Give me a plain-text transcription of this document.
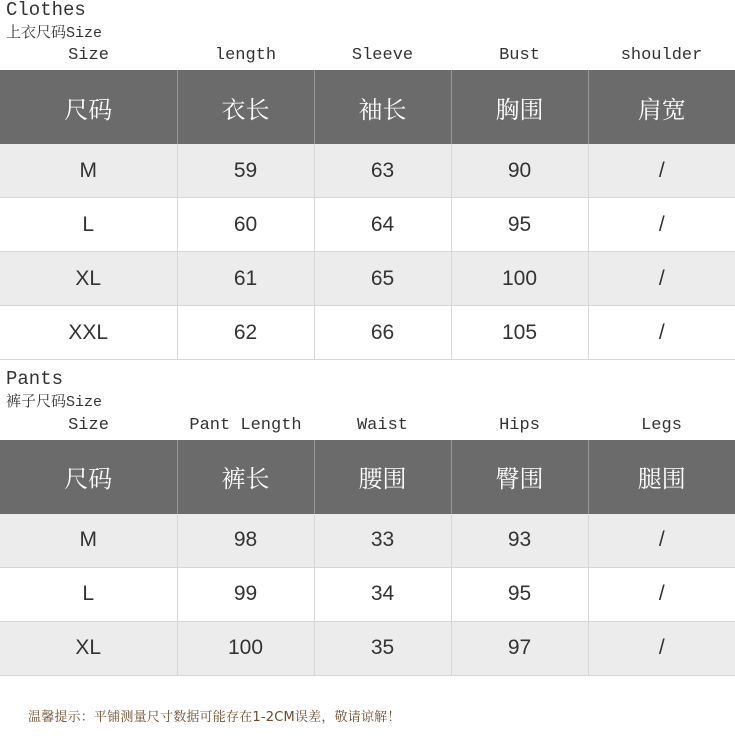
Clothes
上衣尺码Size
Size	length	Sleeve	Bust	shoulder
尺码	衣长	袖长	胸围	肩宽
M	59	63	90	/
L	60	64	95	/
XL	61	65	100	/
XXL	62	66	105	/
Pants
裤子尺码Size
Size	Pant Length	Waist	Hips	Legs
尺码	裤长	腰围	臀围	腿围
M	98	33	93	/
L	99	34	95	/
XL	100	35	97	/
温馨提示：平铺测量尺寸数据可能存在1-2CM误差，敬请谅解！
